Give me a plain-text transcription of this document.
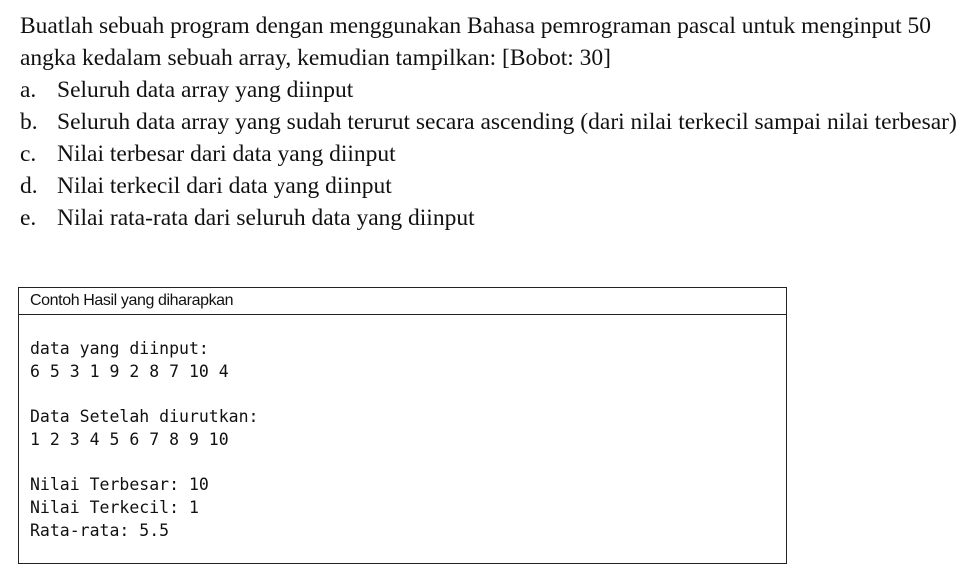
Buatlah sebuah program dengan menggunakan Bahasa pemrograman pascal untuk menginput 50 angka kedalam sebuah array, kemudian tampilkan: [Bobot: 30]

a. Seluruh data array yang diinput
b. Seluruh data array yang sudah terurut secara ascending (dari nilai terkecil sampai nilai terbesar)
c. Nilai terbesar dari data yang diinput
d. Nilai terkecil dari data yang diinput
e. Nilai rata-rata dari seluruh data yang diinput
Contoh Hasil yang diharapkan
data yang diinput:
6 5 3 1 9 2 8 7 10 4
Data Setelah diurutkan:
1 2 3 4 5 6 7 8 9 10
Nilai Terbesar: 10
Nilai Terkecil: 1
Rata-rata: 5.5
